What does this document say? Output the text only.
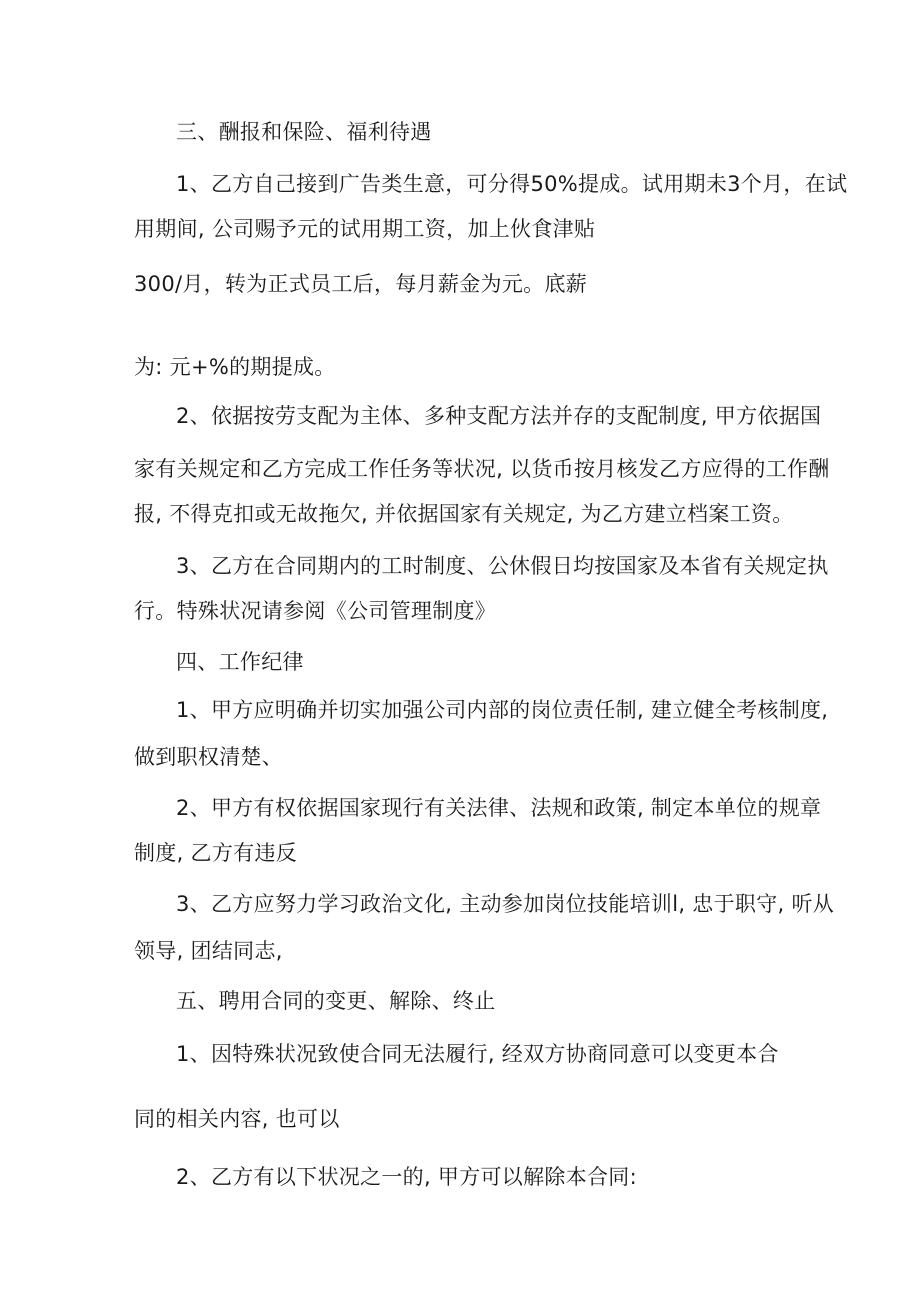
三、酬报和保险、福利待遇
1、乙方自己接到广告类生意，可分得50%提成。试用期未3个月，在试
用期间, 公司赐予元的试用期工资，加上伙食津贴
300/月，转为正式员工后，每月薪金为元。底薪
为: 元+%的期提成。
2、依据按劳支配为主体、多种支配方法并存的支配制度, 甲方依据国
家有关规定和乙方完成工作任务等状况, 以货币按月核发乙方应得的工作酬
报, 不得克扣或无故拖欠, 并依据国家有关规定, 为乙方建立档案工资。
3、乙方在合同期内的工时制度、公休假日均按国家及本省有关规定执
行。特殊状况请参阅《公司管理制度》
四、工作纪律
1、甲方应明确并切实加强公司内部的岗位责任制, 建立健全考核制度,
做到职权清楚、
2、甲方有权依据国家现行有关法律、法规和政策, 制定本单位的规章
制度, 乙方有违反
3、乙方应努力学习政治文化, 主动参加岗位技能培训l, 忠于职守, 听从
领导, 团结同志,
五、聘用合同的变更、解除、终止
1、因特殊状况致使合同无法履行, 经双方协商同意可以变更本合
同的相关内容, 也可以
2、乙方有以下状况之一的, 甲方可以解除本合同:
